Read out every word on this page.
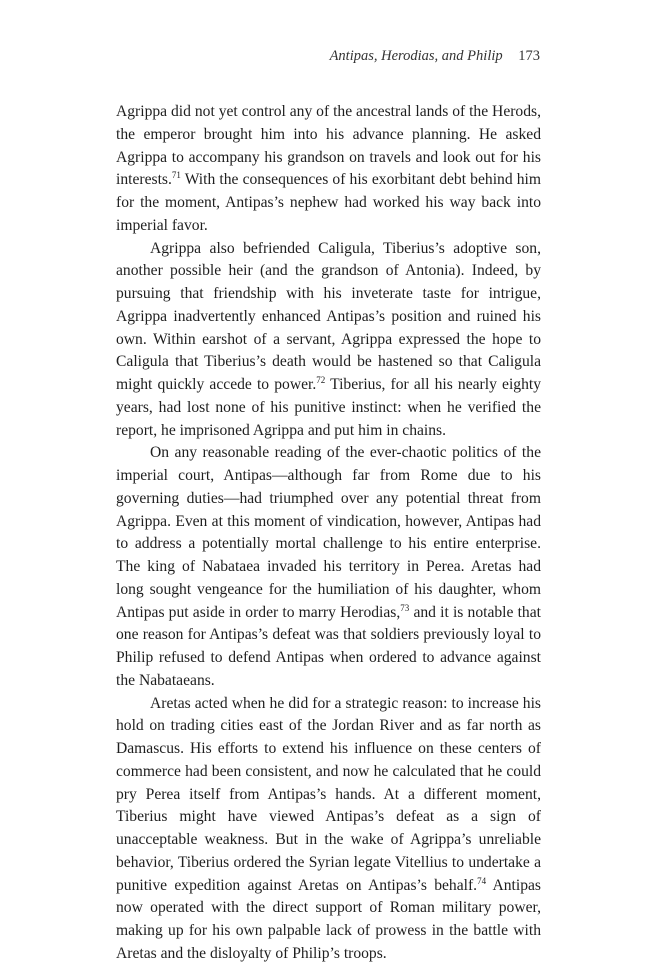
Antipas, Herodias, and Philip 173

Agrippa did not yet control any of the ancestral lands of the Herods, the emperor brought him into his advance planning. He asked Agrippa to accompany his grandson on travels and look out for his interests.$^{71}$ With the consequences of his exorbitant debt behind him for the moment, Antipas’s nephew had worked his way back into imperial favor.

Agrippa also befriended Caligula, Tiberius’s adoptive son, another possible heir (and the grandson of Antonia). Indeed, by pursuing that friendship with his inveterate taste for intrigue, Agrippa inadvertently enhanced Antipas’s position and ruined his own. Within earshot of a servant, Agrippa expressed the hope to Caligula that Tiberius’s death would be hastened so that Caligula might quickly accede to power.$^{72}$ Tiberius, for all his nearly eighty years, had lost none of his punitive instinct: when he verified the report, he imprisoned Agrippa and put him in chains.

On any reasonable reading of the ever-chaotic politics of the imperial court, Antipas—although far from Rome due to his governing duties—had triumphed over any potential threat from Agrippa. Even at this moment of vindication, however, Antipas had to address a potentially mortal challenge to his entire enterprise. The king of Nabataea invaded his territory in Perea. Aretas had long sought vengeance for the humiliation of his daughter, whom Antipas put aside in order to marry Herodias,$^{73}$ and it is notable that one reason for Antipas’s defeat was that soldiers previously loyal to Philip refused to defend Antipas when ordered to advance against the Nabataeans.

Aretas acted when he did for a strategic reason: to increase his hold on trading cities east of the Jordan River and as far north as Damascus. His efforts to extend his influence on these centers of commerce had been consistent, and now he calculated that he could pry Perea itself from Antipas’s hands. At a different moment, Tiberius might have viewed Antipas’s defeat as a sign of unacceptable weakness. But in the wake of Agrippa’s unreliable behavior, Tiberius ordered the Syrian legate Vitellius to undertake a punitive expedition against Aretas on Antipas’s behalf.$^{74}$ Antipas now operated with the direct support of Roman military power, making up for his own palpable lack of prowess in the battle with Aretas and the disloyalty of Philip’s troops.
